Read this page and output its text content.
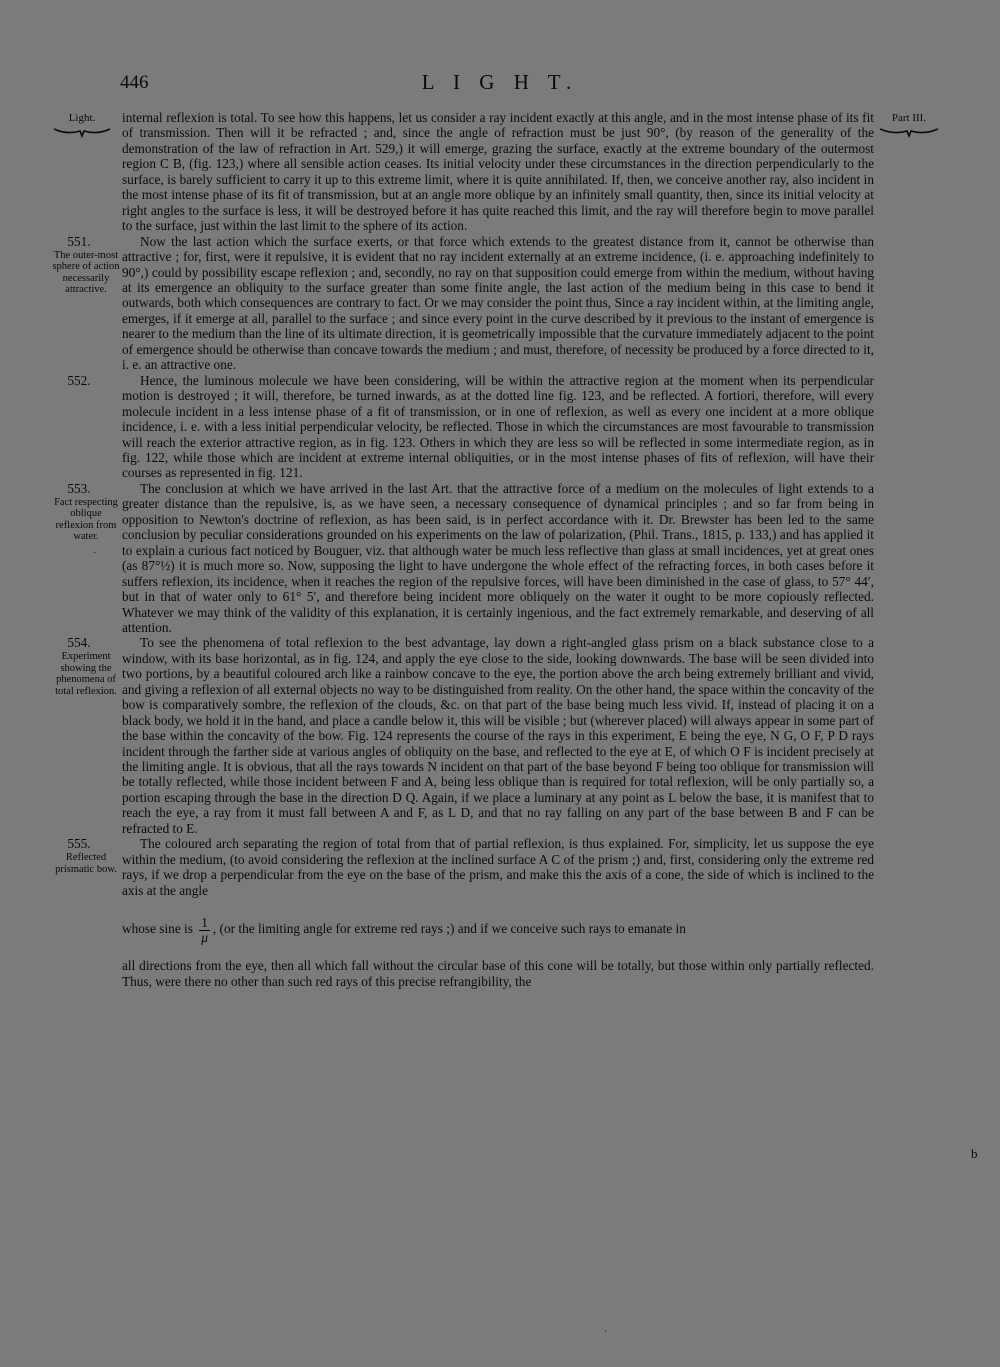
446	L I G H T.
Light.	Part III.

internal reflexion is total. To see how this happens, let us consider a ray incident exactly at this angle, and in the most intense phase of its fit of transmission. Then will it be refracted ; and, since the angle of refraction must be just 90°, (by reason of the generality of the demonstration of the law of refraction in Art. 529,) it will emerge, grazing the surface, exactly at the extreme boundary of the outermost region C B, (fig. 123,) where all sensible action ceases. Its initial velocity under these circumstances in the direction perpendicularly to the surface, is barely sufficient to carry it up to this extreme limit, where it is quite annihilated. If, then, we conceive another ray, also incident in the most intense phase of its fit of transmission, but at an angle more oblique by an infinitely small quantity, then, since its initial velocity at right angles to the surface is less, it will be destroyed before it has quite reached this limit, and the ray will therefore begin to move parallel to the surface, just within the last limit to the sphere of its action.

551.
The outer-most sphere of action necessarily attractive.

Now the last action which the surface exerts, or that force which extends to the greatest distance from it, cannot be otherwise than attractive ; for, first, were it repulsive, it is evident that no ray incident externally at an extreme incidence, (i. e. approaching indefinitely to 90°,) could by possibility escape reflexion ; and, secondly, no ray on that supposition could emerge from within the medium, without having at its emergence an obliquity to the surface greater than some finite angle, the last action of the medium being in this case to bend it outwards, both which consequences are contrary to fact. Or we may consider the point thus, Since a ray incident within, at the limiting angle, emerges, if it emerge at all, parallel to the surface ; and since every point in the curve described by it previous to the instant of emergence is nearer to the medium than the line of its ultimate direction, it is geometrically impossible that the curvature immediately adjacent to the point of emergence should be otherwise than concave towards the medium ; and must, therefore, of necessity be produced by a force directed to it, i. e. an attractive one.

552.	Hence, the luminous molecule we have been considering, will be within the attractive region at the moment when its perpendicular motion is destroyed ; it will, therefore, be turned inwards, as at the dotted line fig. 123, and be reflected. A fortiori, therefore, will every molecule incident in a less intense phase of a fit of transmission, or in one of reflexion, as well as every one incident at a more oblique incidence, i. e. with a less initial perpendicular velocity, be reflected. Those in which the circumstances are most favourable to transmission will reach the exterior attractive region, as in fig. 123. Others in which they are less so will be reflected in some intermediate region, as in fig. 122, while those which are incident at extreme internal obliquities, or in the most intense phases of fits of reflexion, will have their courses as represented in fig. 121.

553.
Fact respecting oblique reflexion from water.

The conclusion at which we have arrived in the last Art. that the attractive force of a medium on the molecules of light extends to a greater distance than the repulsive, is, as we have seen, a necessary consequence of dynamical principles ; and so far from being in opposition to Newton's doctrine of reflexion, as has been said, is in perfect accordance with it. Dr. Brewster has been led to the same conclusion by peculiar considerations grounded on his experiments on the law of polarization, (Phil. Trans., 1815, p. 133,) and has applied it to explain a curious fact noticed by Bouguer, viz. that although water be much less reflective than glass at small incidences, yet at great ones (as 87°½) it is much more so. Now, supposing the light to have undergone the whole effect of the refracting forces, in both cases before it suffers reflexion, its incidence, when it reaches the region of the repulsive forces, will have been diminished in the case of glass, to 57° 44′, but in that of water only to 61° 5′, and therefore being incident more obliquely on the water it ought to be more copiously reflected. Whatever we may think of the validity of this explanation, it is certainly ingenious, and the fact extremely remarkable, and deserving of all attention.

554.
Experiment showing the phenomena of total reflexion.

To see the phenomena of total reflexion to the best advantage, lay down a right-angled glass prism on a black substance close to a window, with its base horizontal, as in fig. 124, and apply the eye close to the side, looking downwards. The base will be seen divided into two portions, by a beautiful coloured arch like a rainbow concave to the eye, the portion above the arch being extremely brilliant and vivid, and giving a reflexion of all external objects no way to be distinguished from reality. On the other hand, the space within the concavity of the bow is comparatively sombre, the reflexion of the clouds, &c. on that part of the base being much less vivid. If, instead of placing it on a black body, we hold it in the hand, and place a candle below it, this will be visible ; but (wherever placed) will always appear in some part of the base within the concavity of the bow. Fig. 124 represents the course of the rays in this experiment, E being the eye, N G, O F, P D rays incident through the farther side at various angles of obliquity on the base, and reflected to the eye at E, of which O F is incident precisely at the limiting angle. It is obvious, that all the rays towards N incident on that part of the base beyond F being too oblique for transmission will be totally reflected, while those incident between F and A, being less oblique than is required for total reflexion, will be only partially so, a portion escaping through the base in the direction D Q. Again, if we place a luminary at any point as L below the base, it is manifest that to reach the eye, a ray from it must fall between A and F, as L D, and that no ray falling on any part of the base between B and F can be refracted to E.

555.
Reflected prismatic bow.

The coloured arch separating the region of total from that of partial reflexion, is thus explained. For, simplicity, let us suppose the eye within the medium, (to avoid considering the reflexion at the inclined surface A C of the prism ;) and, first, considering only the extreme red rays, if we drop a perpendicular from the eye on the base of the prism, and make this the axis of a cone, the side of which is inclined to the axis at the angle

whose sine is $\frac{1}{\mu}$ , (or the limiting angle for extreme red rays ;) and if we conceive such rays to emanate in

all directions from the eye, then all which fall without the circular base of this cone will be totally, but those within only partially reflected. Thus, were there no other than such red rays of this precise refrangibility, the

b
·
`
